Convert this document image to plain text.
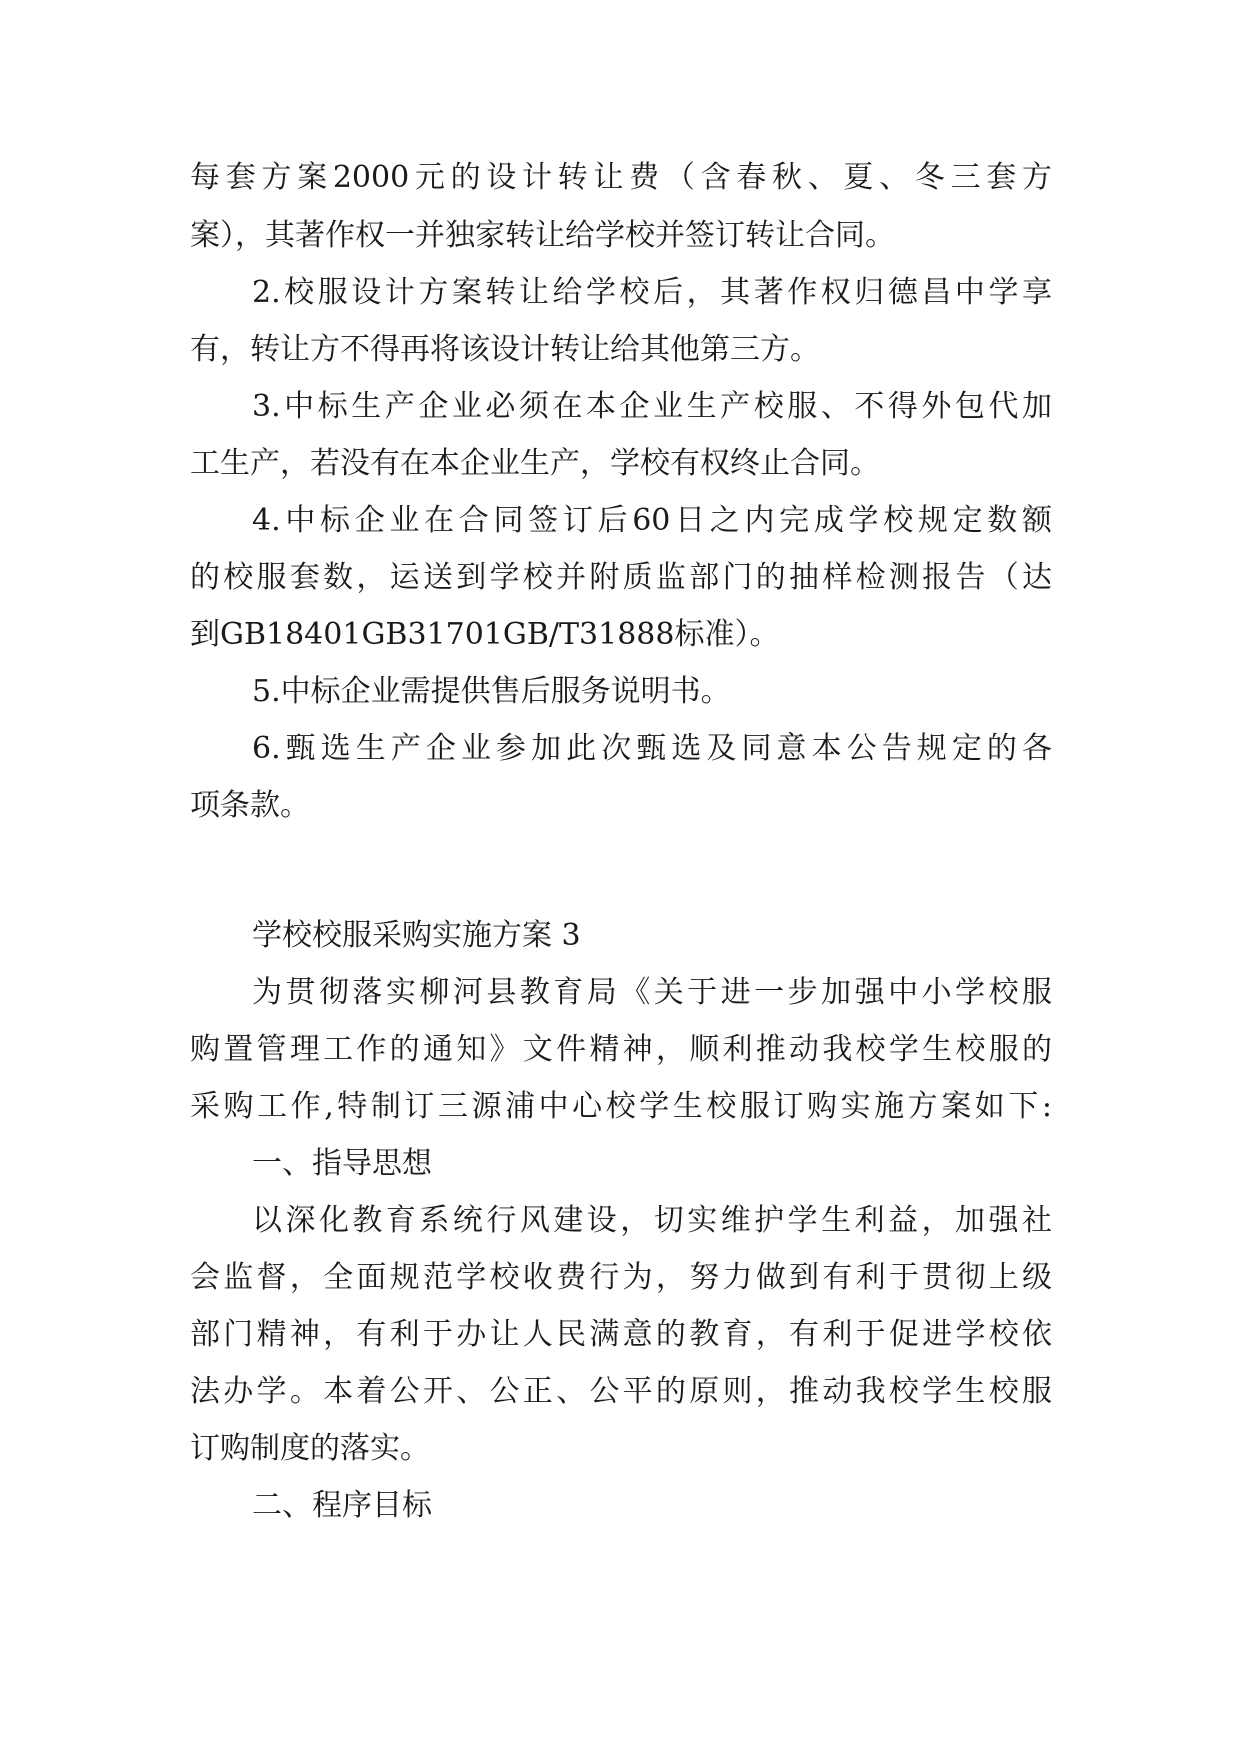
每套方案2000元的设计转让费（含春秋、夏、冬三套方
案），其著作权一并独家转让给学校并签订转让合同。
2.校服设计方案转让给学校后，其著作权归德昌中学享
有，转让方不得再将该设计转让给其他第三方。
3.中标生产企业必须在本企业生产校服、不得外包代加
工生产，若没有在本企业生产，学校有权终止合同。
4.中标企业在合同签订后60日之内完成学校规定数额
的校服套数，运送到学校并附质监部门的抽样检测报告（达
到GB18401GB31701GB/T31888标准）。
5.中标企业需提供售后服务说明书。
6.甄选生产企业参加此次甄选及同意本公告规定的各
项条款。
学校校服采购实施方案 3
为贯彻落实柳河县教育局《关于进一步加强中小学校服
购置管理工作的通知》文件精神，顺利推动我校学生校服的
采购工作,特制订三源浦中心校学生校服订购实施方案如下:
一、指导思想
以深化教育系统行风建设，切实维护学生利益，加强社
会监督，全面规范学校收费行为，努力做到有利于贯彻上级
部门精神，有利于办让人民满意的教育，有利于促进学校依
法办学。本着公开、公正、公平的原则，推动我校学生校服
订购制度的落实。
二、程序目标
